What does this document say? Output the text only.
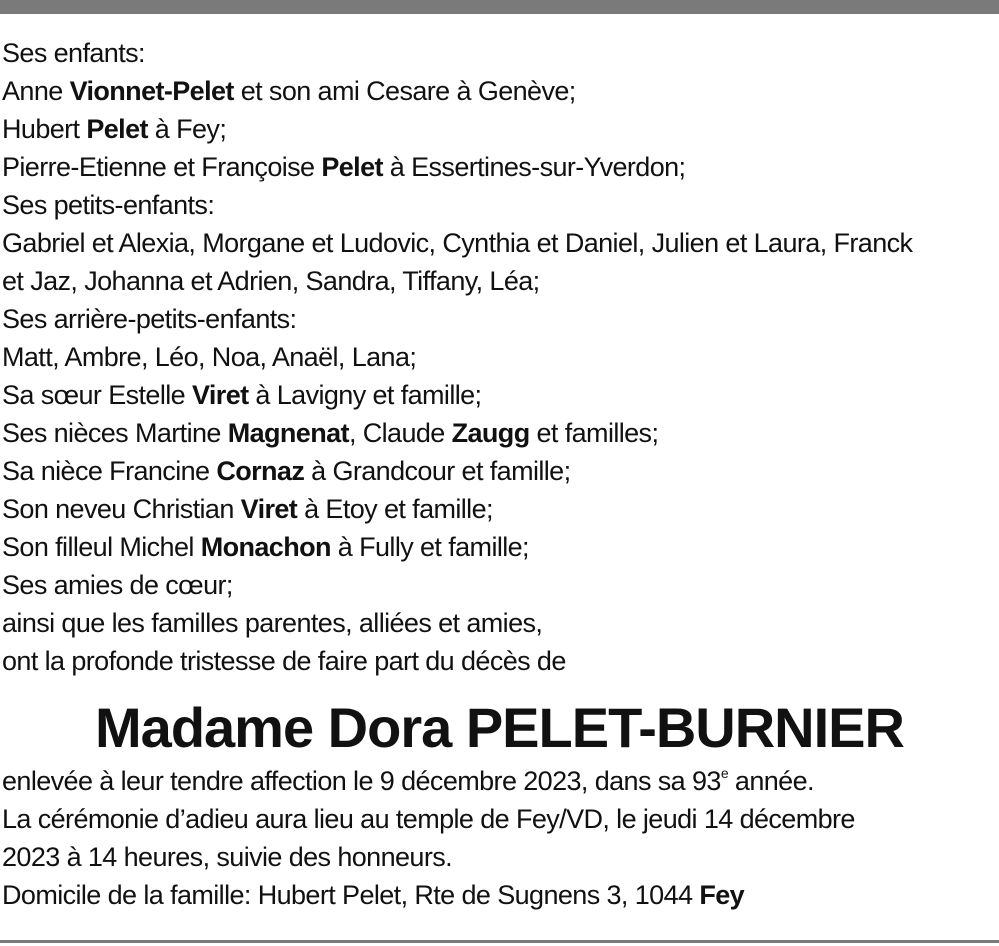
Ses enfants:
Anne Vionnet-Pelet et son ami Cesare à Genève;
Hubert Pelet à Fey;
Pierre-Etienne et Françoise Pelet à Essertines-sur-Yverdon;
Ses petits-enfants:
Gabriel et Alexia, Morgane et Ludovic, Cynthia et Daniel, Julien et Laura, Franck
et Jaz, Johanna et Adrien, Sandra, Tiffany, Léa;
Ses arrière-petits-enfants:
Matt, Ambre, Léo, Noa, Anaël, Lana;
Sa sœur Estelle Viret à Lavigny et famille;
Ses nièces Martine Magnenat, Claude Zaugg et familles;
Sa nièce Francine Cornaz à Grandcour et famille;
Son neveu Christian Viret à Etoy et famille;
Son filleul Michel Monachon à Fully et famille;
Ses amies de cœur;
ainsi que les familles parentes, alliées et amies,
ont la profonde tristesse de faire part du décès de
Madame Dora PELET-BURNIER
enlevée à leur tendre affection le 9 décembre 2023, dans sa 93e année.
La cérémonie d’adieu aura lieu au temple de Fey/VD, le jeudi 14 décembre
2023 à 14 heures, suivie des honneurs.
Domicile de la famille: Hubert Pelet, Rte de Sugnens 3, 1044 Fey
